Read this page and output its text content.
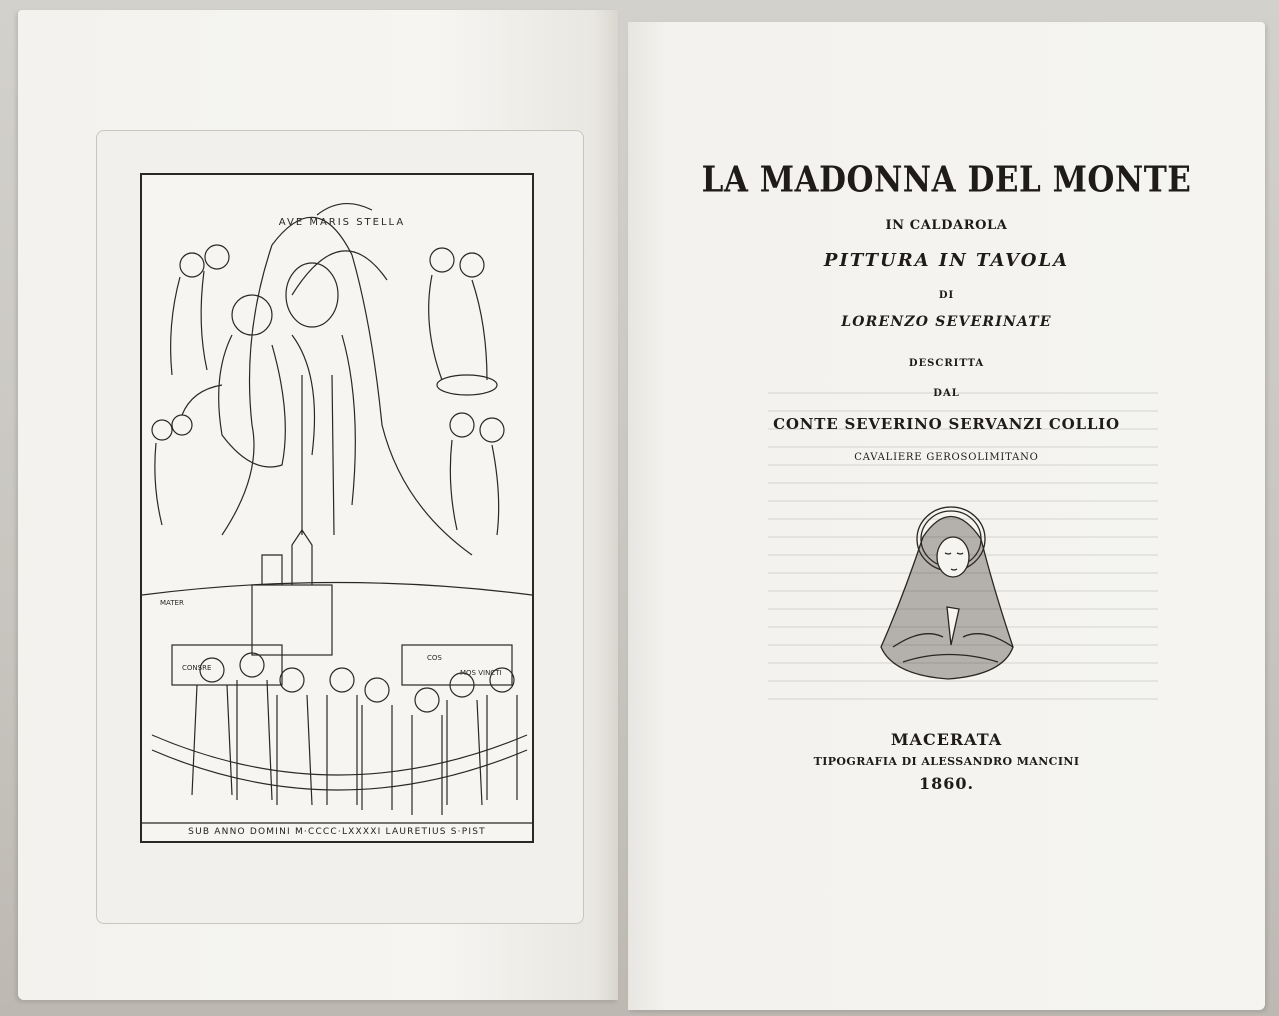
AVE MARIS STELLA
MATER
CONSRE
COS
MOS VINCTI
SUB ANNO DOMINI M·CCCC·LXXXXI LAURETIUS S·PIST
LA MADONNA DEL MONTE
IN CALDAROLA
PITTURA IN TAVOLA
DI
LORENZO SEVERINATE
DESCRITTA
DAL
CONTE SEVERINO SERVANZI COLLIO
CAVALIERE GEROSOLIMITANO
MACERATA
TIPOGRAFIA DI ALESSANDRO MANCINI
1860.
